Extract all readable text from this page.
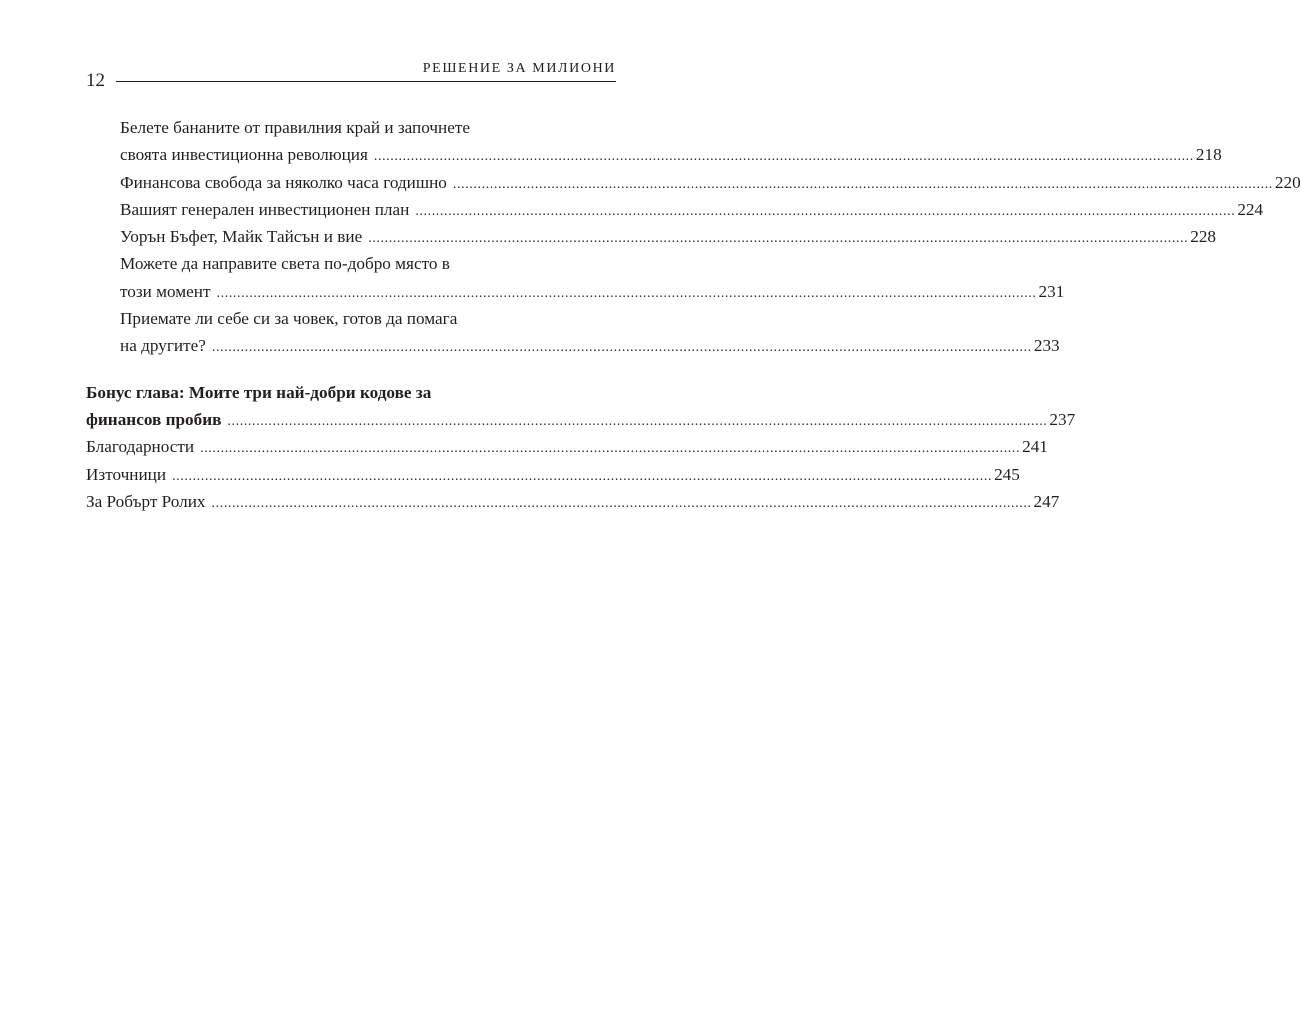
12
РЕШЕНИЕ ЗА МИЛИОНИ
Белете бананите от правилния край и започнете
своята инвестиционна революция ........................................................................................................................................................................................................ 218
Финансова свобода за няколко часа годишно ........................................................................................................................................................................................................ 220
Вашият генерален инвестиционен план ........................................................................................................................................................................................................ 224
Уорън Бъфет, Майк Тайсън и вие ........................................................................................................................................................................................................ 228
Можете да направите света по-добро място в
този момент ........................................................................................................................................................................................................ 231
Приемате ли себе си за човек, готов да помага
на другите? ........................................................................................................................................................................................................ 233
Бонус глава: Моите три най-добри кодове за
финансов пробив ........................................................................................................................................................................................................ 237
Благодарности ........................................................................................................................................................................................................ 241
Източници ........................................................................................................................................................................................................ 245
За Робърт Ролих ........................................................................................................................................................................................................ 247
